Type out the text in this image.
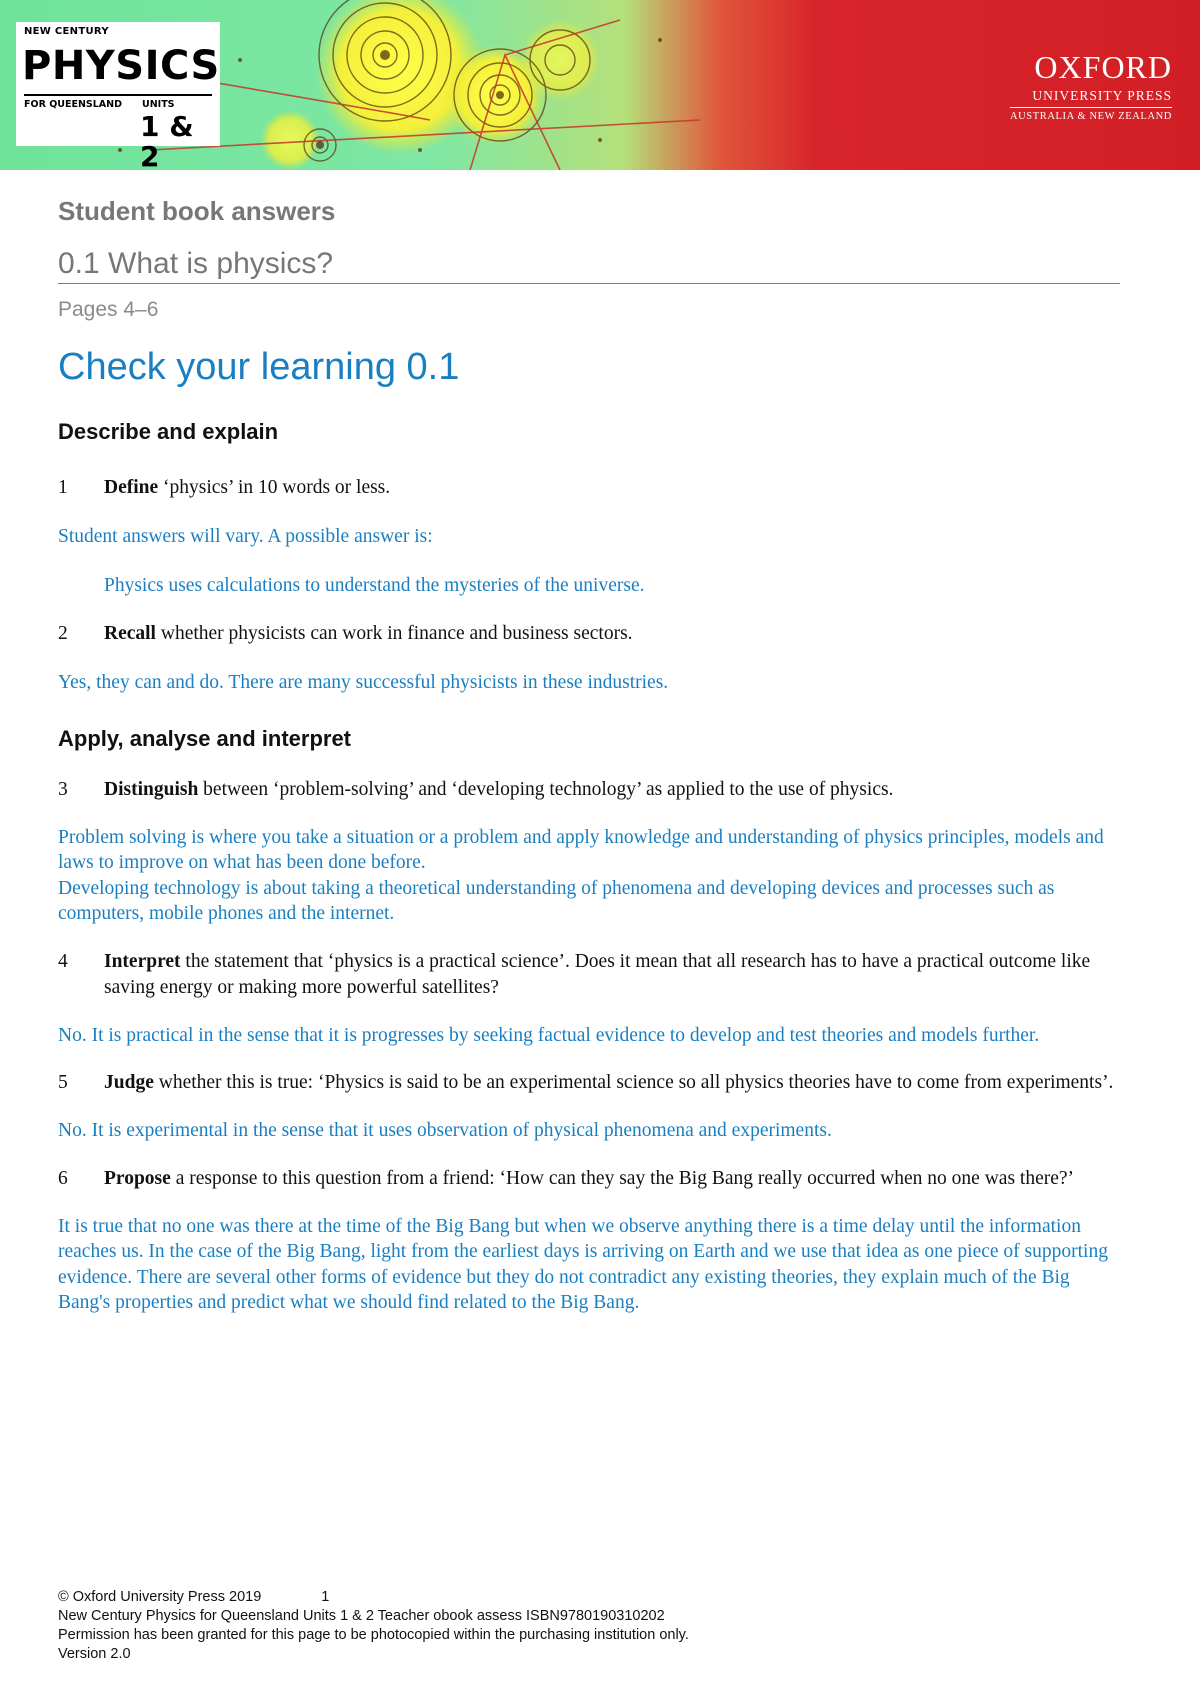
NEW CENTURY
PHYSICS
FOR QUEENSLAND UNITS
1 & 2
OXFORD
UNIVERSITY PRESS
AUSTRALIA & NEW ZEALAND
Student book answers
0.1 What is physics?
Pages 4–6
Check your learning 0.1
Describe and explain
1 Define ‘physics’ in 10 words or less.
Student answers will vary. A possible answer is:
Physics uses calculations to understand the mysteries of the universe.
2 Recall whether physicists can work in finance and business sectors.
Yes, they can and do. There are many successful physicists in these industries.
Apply, analyse and interpret
3 Distinguish between ‘problem-solving’ and ‘developing technology’ as applied to the use of physics.
Problem solving is where you take a situation or a problem and apply knowledge and understanding of physics principles, models and laws to improve on what has been done before.
Developing technology is about taking a theoretical understanding of phenomena and developing devices and processes such as computers, mobile phones and the internet.
4 Interpret the statement that ‘physics is a practical science’. Does it mean that all research has to have a practical outcome like saving energy or making more powerful satellites?
No. It is practical in the sense that it is progresses by seeking factual evidence to develop and test theories and models further.
5 Judge whether this is true: ‘Physics is said to be an experimental science so all physics theories have to come from experiments’.
No. It is experimental in the sense that it uses observation of physical phenomena and experiments.
6 Propose a response to this question from a friend: ‘How can they say the Big Bang really occurred when no one was there?’
It is true that no one was there at the time of the Big Bang but when we observe anything there is a time delay until the information reaches us. In the case of the Big Bang, light from the earliest days is arriving on Earth and we use that idea as one piece of supporting evidence. There are several other forms of evidence but they do not contradict any existing theories, they explain much of the Big Bang's properties and predict what we should find related to the Big Bang.
© Oxford University Press 2019	1
New Century Physics for Queensland Units 1 & 2 Teacher obook assess ISBN9780190310202
Permission has been granted for this page to be photocopied within the purchasing institution only.
Version 2.0
